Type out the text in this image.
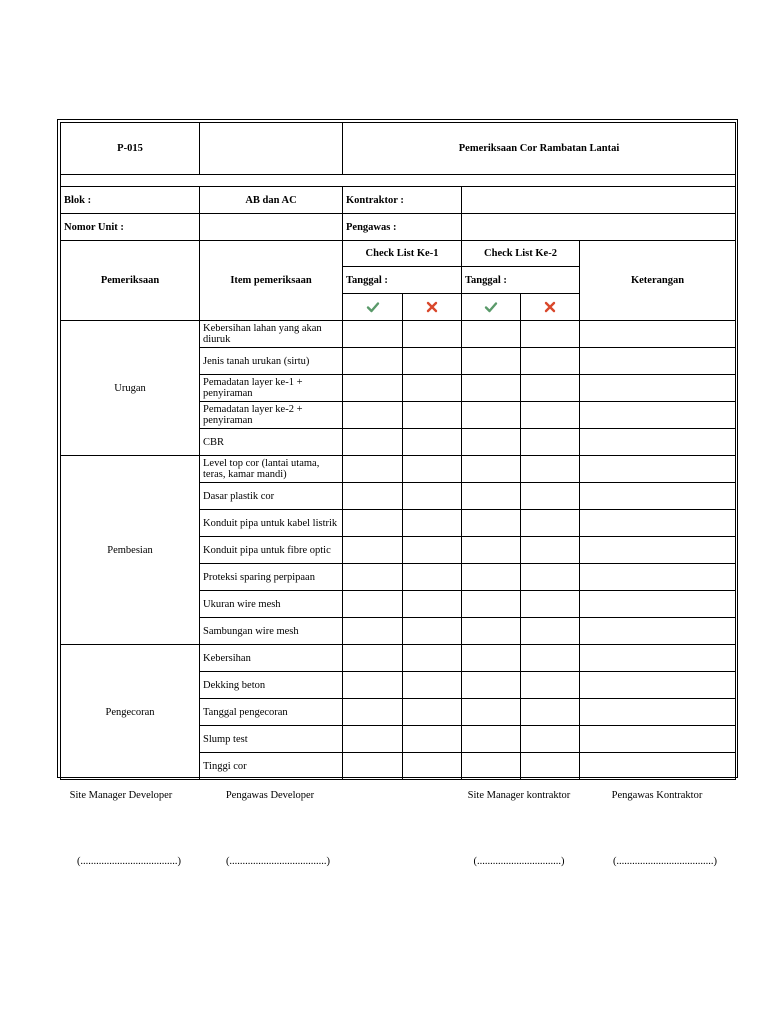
P-015		Pemeriksaan Cor Rambatan Lantai				

Blok :	AB dan AC	Kontraktor :				
Nomor Unit :		Pengawas :				
Pemeriksaan	Item pemeriksaan	Check List Ke-1		Check List Ke-2		Keterangan
		Tanggal :		Tanggal :		

Urugan	Kebersihan lahan yang akan diuruk					
	Jenis tanah urukan (sirtu)					
	Pemadatan layer ke-1 + penyiraman					
	Pemadatan layer ke-2 + penyiraman					
	CBR					
Pembesian	Level top cor (lantai utama, teras, kamar mandi)					
	Dasar plastik cor					
	Konduit pipa untuk kabel listrik					
	Konduit pipa untuk fibre optic					
	Proteksi sparing perpipaan					
	Ukuran wire mesh					
	Sambungan wire mesh					
Pengecoran	Kebersihan					
	Dekking beton					
	Tanggal pengecoran					
	Slump test					
	Tinggi cor					
Site Manager Developer
(.....................................)
Pengawas Developer
(.....................................)
Site Manager kontraktor
(................................)
Pengawas Kontraktor
(.....................................)
